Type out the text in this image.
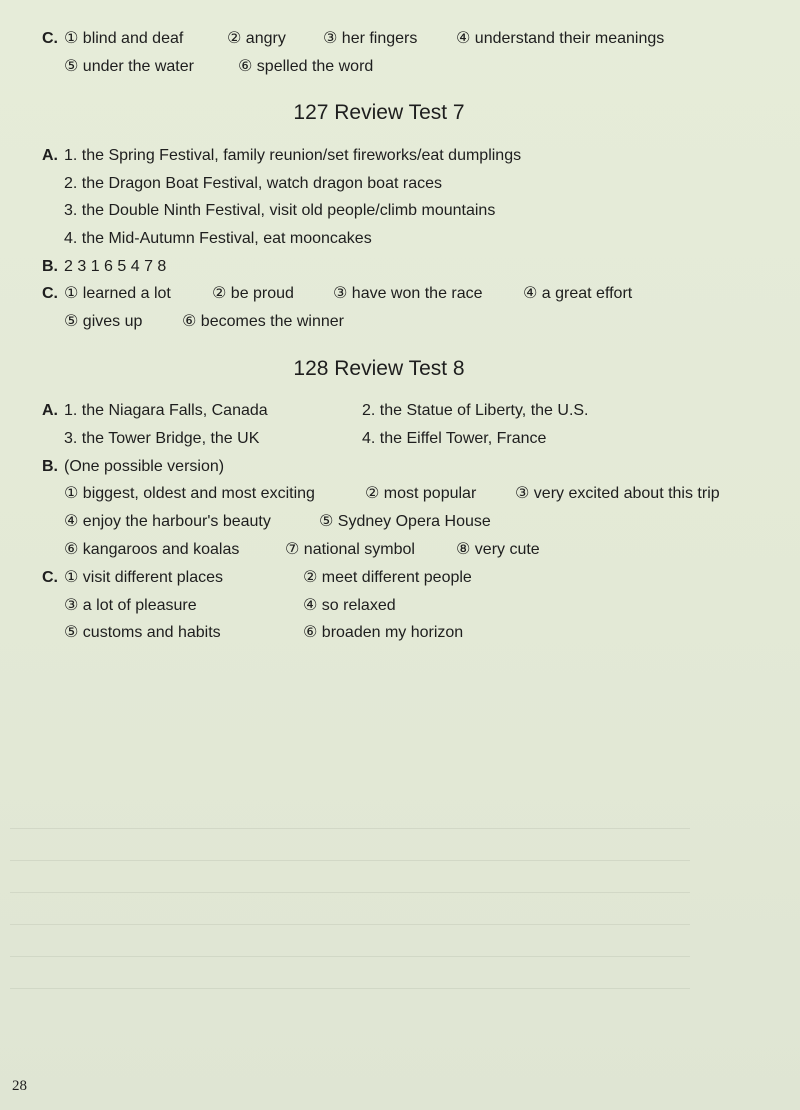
C. ① blind and deaf	② angry ③ her fingers ④ understand their meanings
⑤ under the water	⑥ spelled the word
127 Review Test 7
A. 1. the Spring Festival, family reunion/set fireworks/eat dumplings
2. the Dragon Boat Festival, watch dragon boat races
3. the Double Ninth Festival, visit old people/climb mountains
4. the Mid-Autumn Festival, eat mooncakes
B. 2 3 1 6 5 4 7 8
C. ① learned a lot	② be proud ③ have won the race	④ a great effort
⑤ gives up ⑥ becomes the winner
128 Review Test 8
A. 1. the Niagara Falls, Canada	2. the Statue of Liberty, the U.S.
3. the Tower Bridge, the UK	4. the Eiffel Tower, France
B. (One possible version)
① biggest, oldest and most exciting	② most popular ③ very excited about this trip
④ enjoy the harbour's beauty	⑤ Sydney Opera House
⑥ kangaroos and koalas	⑦ national symbol	⑧ very cute
C. ① visit different places	② meet different people
③ a lot of pleasure	④ so relaxed
⑤ customs and habits	⑥ broaden my horizon
28
